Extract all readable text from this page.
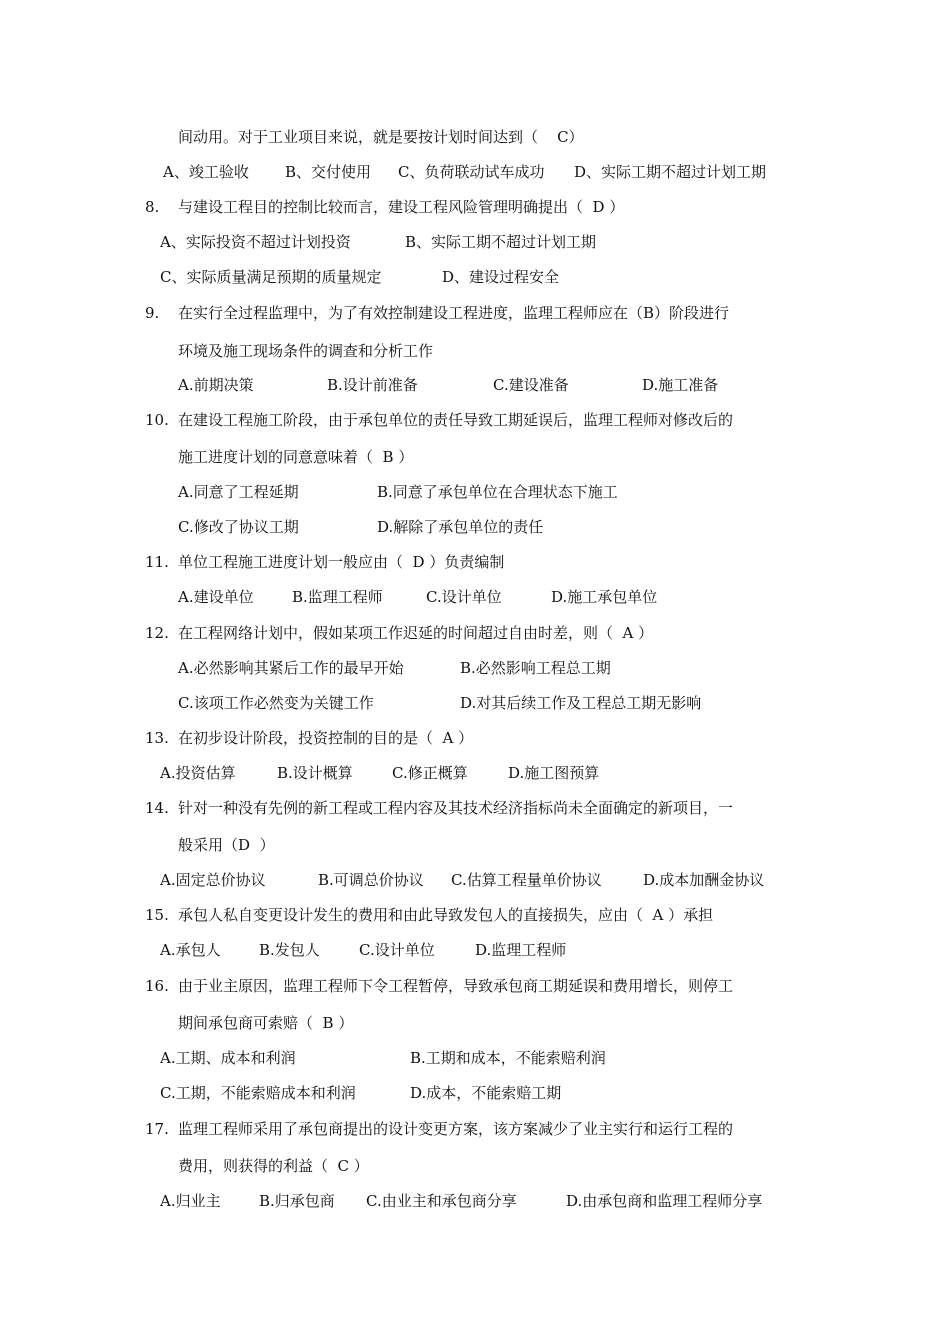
间动用。对于工业项目来说，就是要按计划时间达到（    C）
A、竣工验收 B、交付使用 C、负荷联动试车成功 D、实际工期不超过计划工期
8. 与建设工程目的控制比较而言，建设工程风险管理明确提出（  D ）
A、实际投资不超过计划投资	B、实际工期不超过计划工期
C、实际质量满足预期的质量规定	D、建设过程安全
9. 在实行全过程监理中，为了有效控制建设工程进度，监理工程师应在（B）阶段进行
环境及施工现场条件的调查和分析工作
A.前期决策	B.设计前准备	C.建设准备	D.施工准备
10. 在建设工程施工阶段，由于承包单位的责任导致工期延误后，监理工程师对修改后的
施工进度计划的同意意味着（  B ）
A.同意了工程延期	B.同意了承包单位在合理状态下施工
C.修改了协议工期	D.解除了承包单位的责任
11. 单位工程施工进度计划一般应由（  D ）负责编制
A.建设单位	B.监理工程师	C.设计单位	D.施工承包单位
12. 在工程网络计划中，假如某项工作迟延的时间超过自由时差，则（  A ）
A.必然影响其紧后工作的最早开始	B.必然影响工程总工期
C.该项工作必然变为关键工作	D.对其后续工作及工程总工期无影响
13. 在初步设计阶段，投资控制的目的是（  A ）
A.投资估算	B.设计概算	C.修正概算	D.施工图预算
14. 针对一种没有先例的新工程或工程内容及其技术经济指标尚未全面确定的新项目，一
般采用（D  ）
A.固定总价协议	B.可调总价协议 C.估算工程量单价协议	D.成本加酬金协议
15. 承包人私自变更设计发生的费用和由此导致发包人的直接损失，应由（  A ）承担
A.承包人	B.发包人	C.设计单位	D.监理工程师
16. 由于业主原因，监理工程师下令工程暂停，导致承包商工期延误和费用增长，则停工
期间承包商可索赔（  B ）
A.工期、成本和利润	B.工期和成本，不能索赔利润
C.工期，不能索赔成本和利润	D.成本，不能索赔工期
17. 监理工程师采用了承包商提出的设计变更方案，该方案减少了业主实行和运行工程的
费用，则获得的利益（  C ）
A.归业主	B.归承包商 C.由业主和承包商分享	D.由承包商和监理工程师分享
